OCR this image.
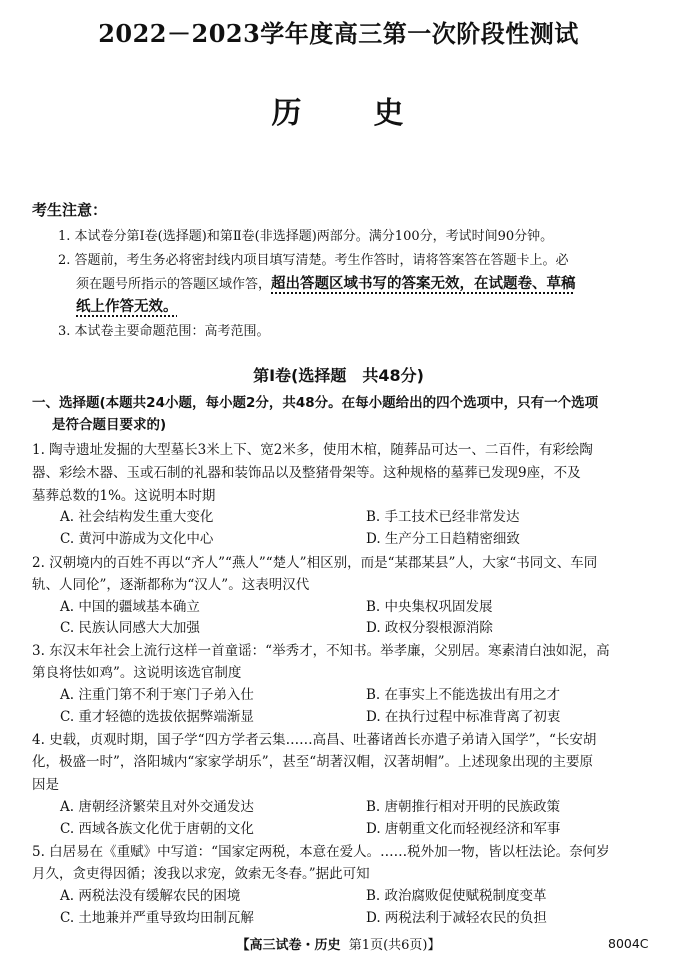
2022－2023学年度高三第一次阶段性测试
历 史
考生注意：
1. 本试卷分第Ⅰ卷(选择题)和第Ⅱ卷(非选择题)两部分。满分100分，考试时间90分钟。
2. 答题前，考生务必将密封线内项目填写清楚。考生作答时，请将答案答在答题卡上。必
须在题号所指示的答题区域作答，超出答题区域书写的答案无效，在试题卷、草稿
纸上作答无效。
3. 本试卷主要命题范围：高考范围。
第Ⅰ卷(选择题　共48分)
一、选择题(本题共24小题，每小题2分，共48分。在每小题给出的四个选项中，只有一个选项
是符合题目要求的)
1. 陶寺遗址发掘的大型墓长3米上下、宽2米多，使用木棺，随葬品可达一、二百件，有彩绘陶
器、彩绘木器、玉或石制的礼器和装饰品以及整猪骨架等。这种规格的墓葬已发现9座，不及
墓葬总数的1%。这说明本时期
A. 社会结构发生重大变化	B. 手工技术已经非常发达
C. 黄河中游成为文化中心	D. 生产分工日趋精密细致
2. 汉朝境内的百姓不再以“齐人”“燕人”“楚人”相区别，而是“某郡某县”人，大家“书同文、车同
轨、人同伦”，逐渐都称为“汉人”。这表明汉代
A. 中国的疆域基本确立	B. 中央集权巩固发展
C. 民族认同感大大加强	D. 政权分裂根源消除
3. 东汉末年社会上流行这样一首童谣：“举秀才，不知书。举孝廉，父别居。寒素清白浊如泥，高
第良将怯如鸡”。这说明该选官制度
A. 注重门第不利于寒门子弟入仕	B. 在事实上不能选拔出有用之才
C. 重才轻德的选拔依据弊端渐显	D. 在执行过程中标准背离了初衷
4. 史载，贞观时期，国子学“四方学者云集……高昌、吐蕃诸酋长亦遣子弟请入国学”，“长安胡
化，极盛一时”，洛阳城内“家家学胡乐”，甚至“胡著汉帽，汉著胡帽”。上述现象出现的主要原
因是
A. 唐朝经济繁荣且对外交通发达	B. 唐朝推行相对开明的民族政策
C. 西域各族文化优于唐朝的文化	D. 唐朝重文化而轻视经济和军事
5. 白居易在《重赋》中写道：“国家定两税，本意在爱人。……税外加一物，皆以枉法论。奈何岁
月久，贪吏得因循；浚我以求宠，敛索无冬春。”据此可知
A. 两税法没有缓解农民的困境	B. 政治腐败促使赋税制度变革
C. 土地兼并严重导致均田制瓦解	D. 两税法利于减轻农民的负担
【高三试卷・历史 第1页(共6页)】	8004C
